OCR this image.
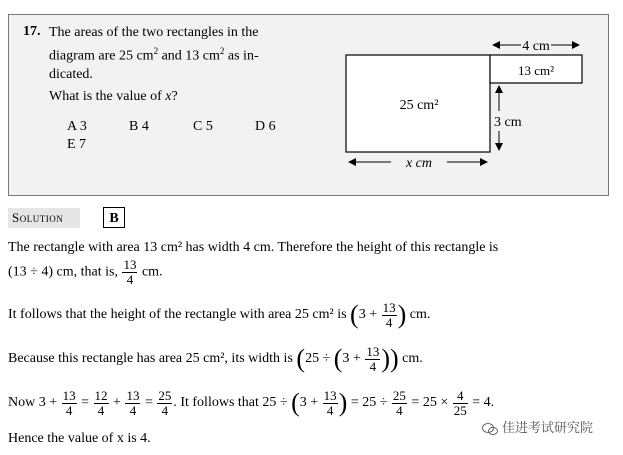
17. The areas of the two rectangles in the
diagram are 25 $cm^2$ and 13 $cm^2$ as in-
dicated.
What is the value of x?
A 3	B 4	C 5	D 6
E 7
4 cm
13 cm²
25 cm²
3 cm
x cm
Solution	B
The rectangle with area 13 cm² has width 4 cm. Therefore the height of this rectangle is
(13 ÷ 4) cm, that is, $\frac{13}{4}$ cm.
It follows that the height of the rectangle with area 25 cm² is ($3 + \frac{13}{4}$ ) cm.
Because this rectangle has area 25 cm², its width is ($25 \div (3 + \frac{13}{4}$ )) cm.
Now $3 + \frac{13}{4} = \frac{12}{4} + \frac{13}{4} = \frac{25}{4}$ . It follows that $25 \div (3 + \frac{13}{4}$ ) = $25 \div \frac{25}{4} = 25 \times \frac{4}{25} = 4$.
Hence the value of x is 4.
佳进考试研究院
